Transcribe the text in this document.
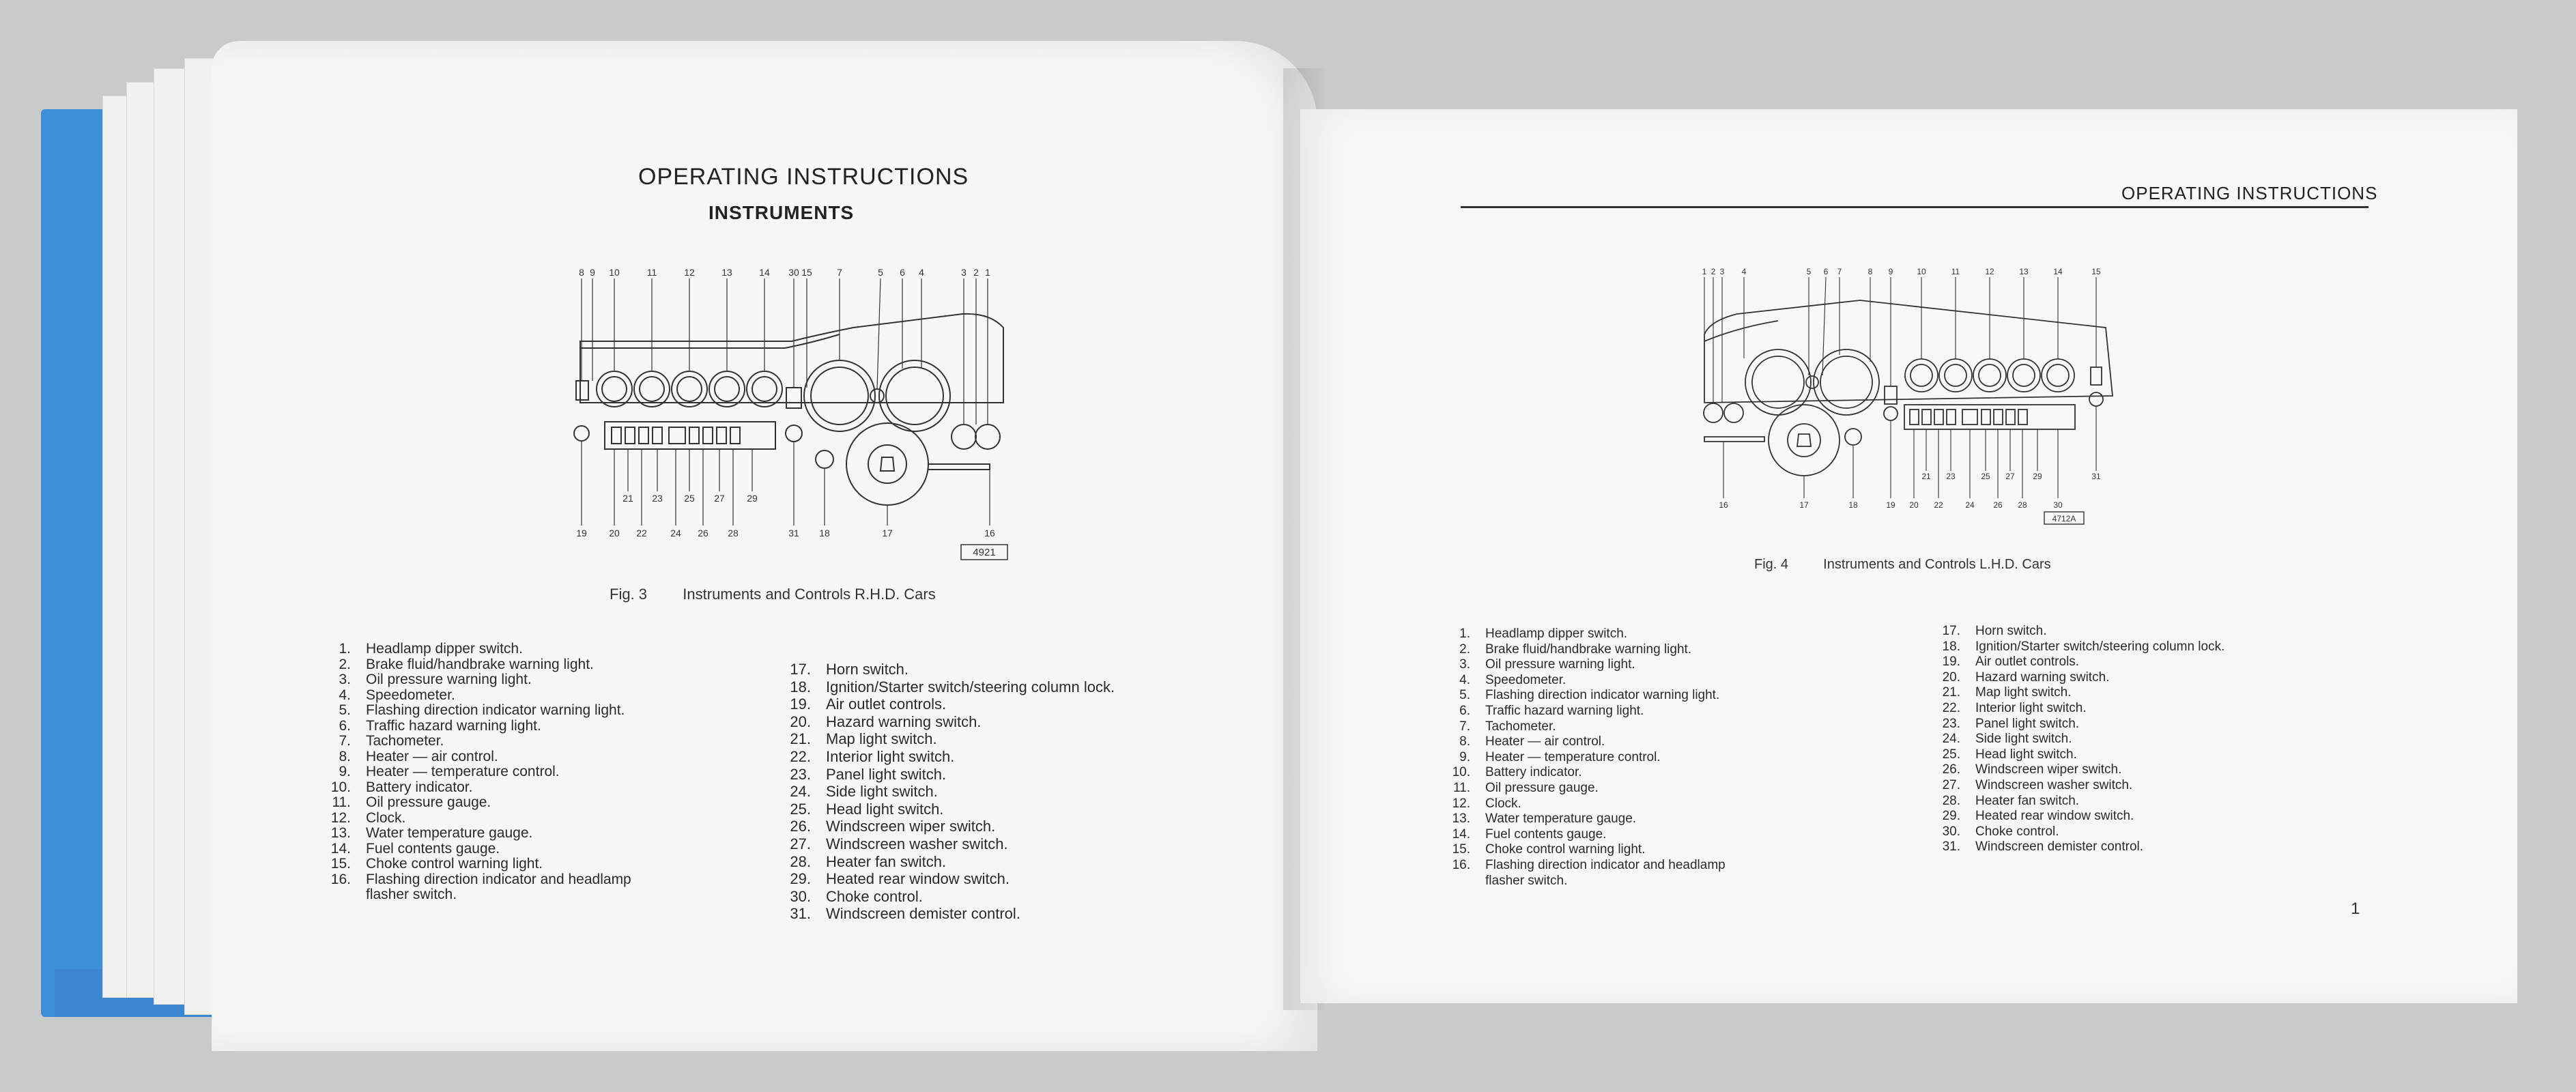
OPERATING INSTRUCTIONS
INSTRUMENTS
8 9 10	11	12	13	14 30 15	7	5 6 4	3 2 1
19 20
21
22
23
24
25
26
27
28
29
31 18	17	16
4921
Fig. 3 Instruments and Controls R.H.D. Cars
1.	Headlamp dipper switch.
2.	Brake fluid/handbrake warning light.
3.	Oil pressure warning light.
4.	Speedometer.
5.	Flashing direction indicator warning light.
6.	Traffic hazard warning light.
7.	Tachometer.
8.	Heater — air control.
9.	Heater — temperature control.
10.	Battery indicator.
11.	Oil pressure gauge.
12.	Clock.
13.	Water temperature gauge.
14.	Fuel contents gauge.
15.	Choke control warning light.
16.	Flashing direction indicator and headlamp
flasher switch.
17.	Horn switch.
18.	Ignition/Starter switch/steering column lock.
19.	Air outlet controls.
20.	Hazard warning switch.
21.	Map light switch.
22.	Interior light switch.
23.	Panel light switch.
24.	Side light switch.
25.	Head light switch.
26.	Windscreen wiper switch.
27.	Windscreen washer switch.
28.	Heater fan switch.
29.	Heated rear window switch.
30.	Choke control.
31.	Windscreen demister control.
OPERATING INSTRUCTIONS
1 2 3 4	5 6 7	8 9	10	11	12	13	14	15
16	17	18	19 20
21
22
23
24
25
26
27
28
29
30
31
4712A
Fig. 4	Instruments and Controls L.H.D. Cars
1.	Headlamp dipper switch.
2.	Brake fluid/handbrake warning light.
3.	Oil pressure warning light.
4.	Speedometer.
5.	Flashing direction indicator warning light.
6.	Traffic hazard warning light.
7.	Tachometer.
8.	Heater — air control.
9.	Heater — temperature control.
10.	Battery indicator.
11.	Oil pressure gauge.
12.	Clock.
13.	Water temperature gauge.
14.	Fuel contents gauge.
15.	Choke control warning light.
16.	Flashing direction indicator and headlamp
flasher switch.
17.	Horn switch.
18.	Ignition/Starter switch/steering column lock.
19.	Air outlet controls.
20.	Hazard warning switch.
21.	Map light switch.
22.	Interior light switch.
23.	Panel light switch.
24.	Side light switch.
25.	Head light switch.
26.	Windscreen wiper switch.
27.	Windscreen washer switch.
28.	Heater fan switch.
29.	Heated rear window switch.
30.	Choke control.
31.	Windscreen demister control.
1
